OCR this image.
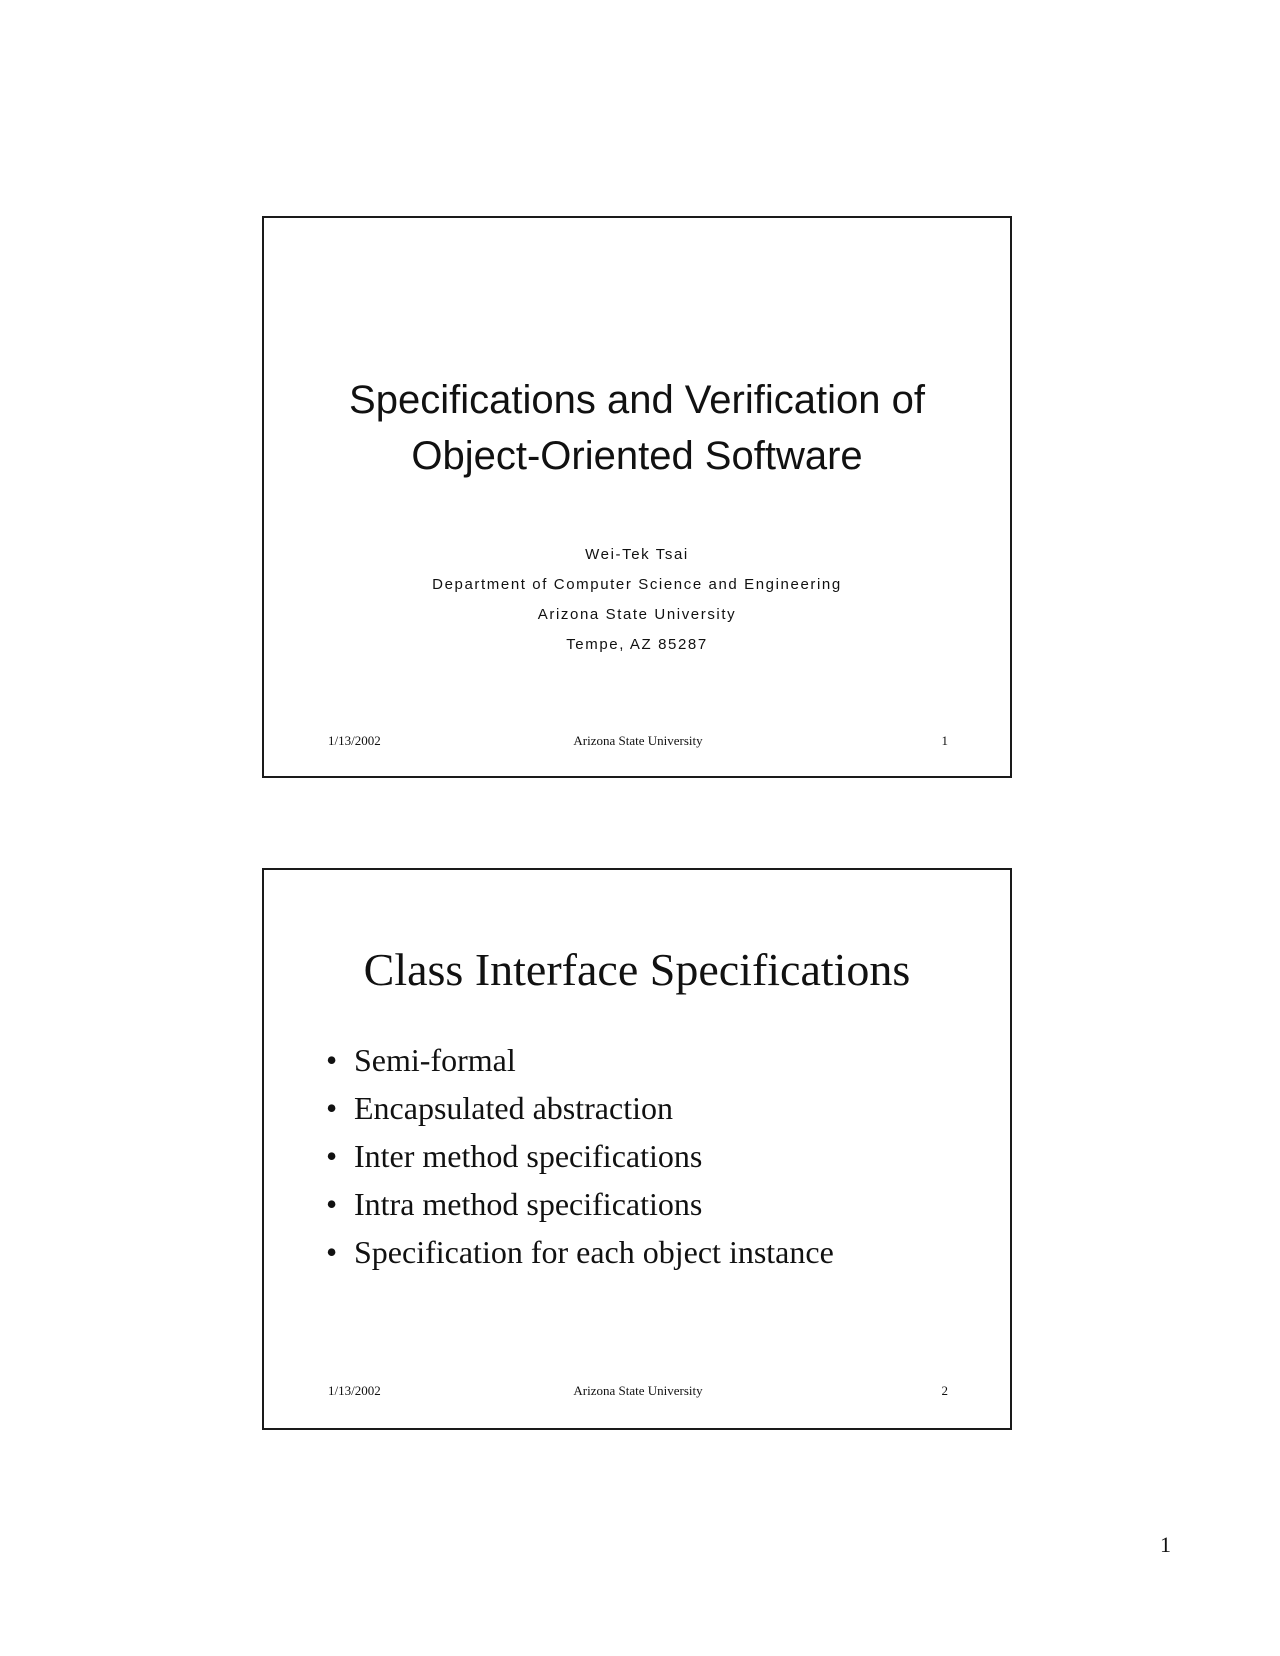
Specifications and Verification of
Object-Oriented Software
Wei-Tek Tsai
Department of Computer Science and Engineering
Arizona State University
Tempe, AZ 85287
1/13/2002	Arizona State University	1
Class Interface Specifications
• Semi-formal
• Encapsulated abstraction
• Inter method specifications
• Intra method specifications
• Specification for each object instance
1/13/2002	Arizona State University	2
1
